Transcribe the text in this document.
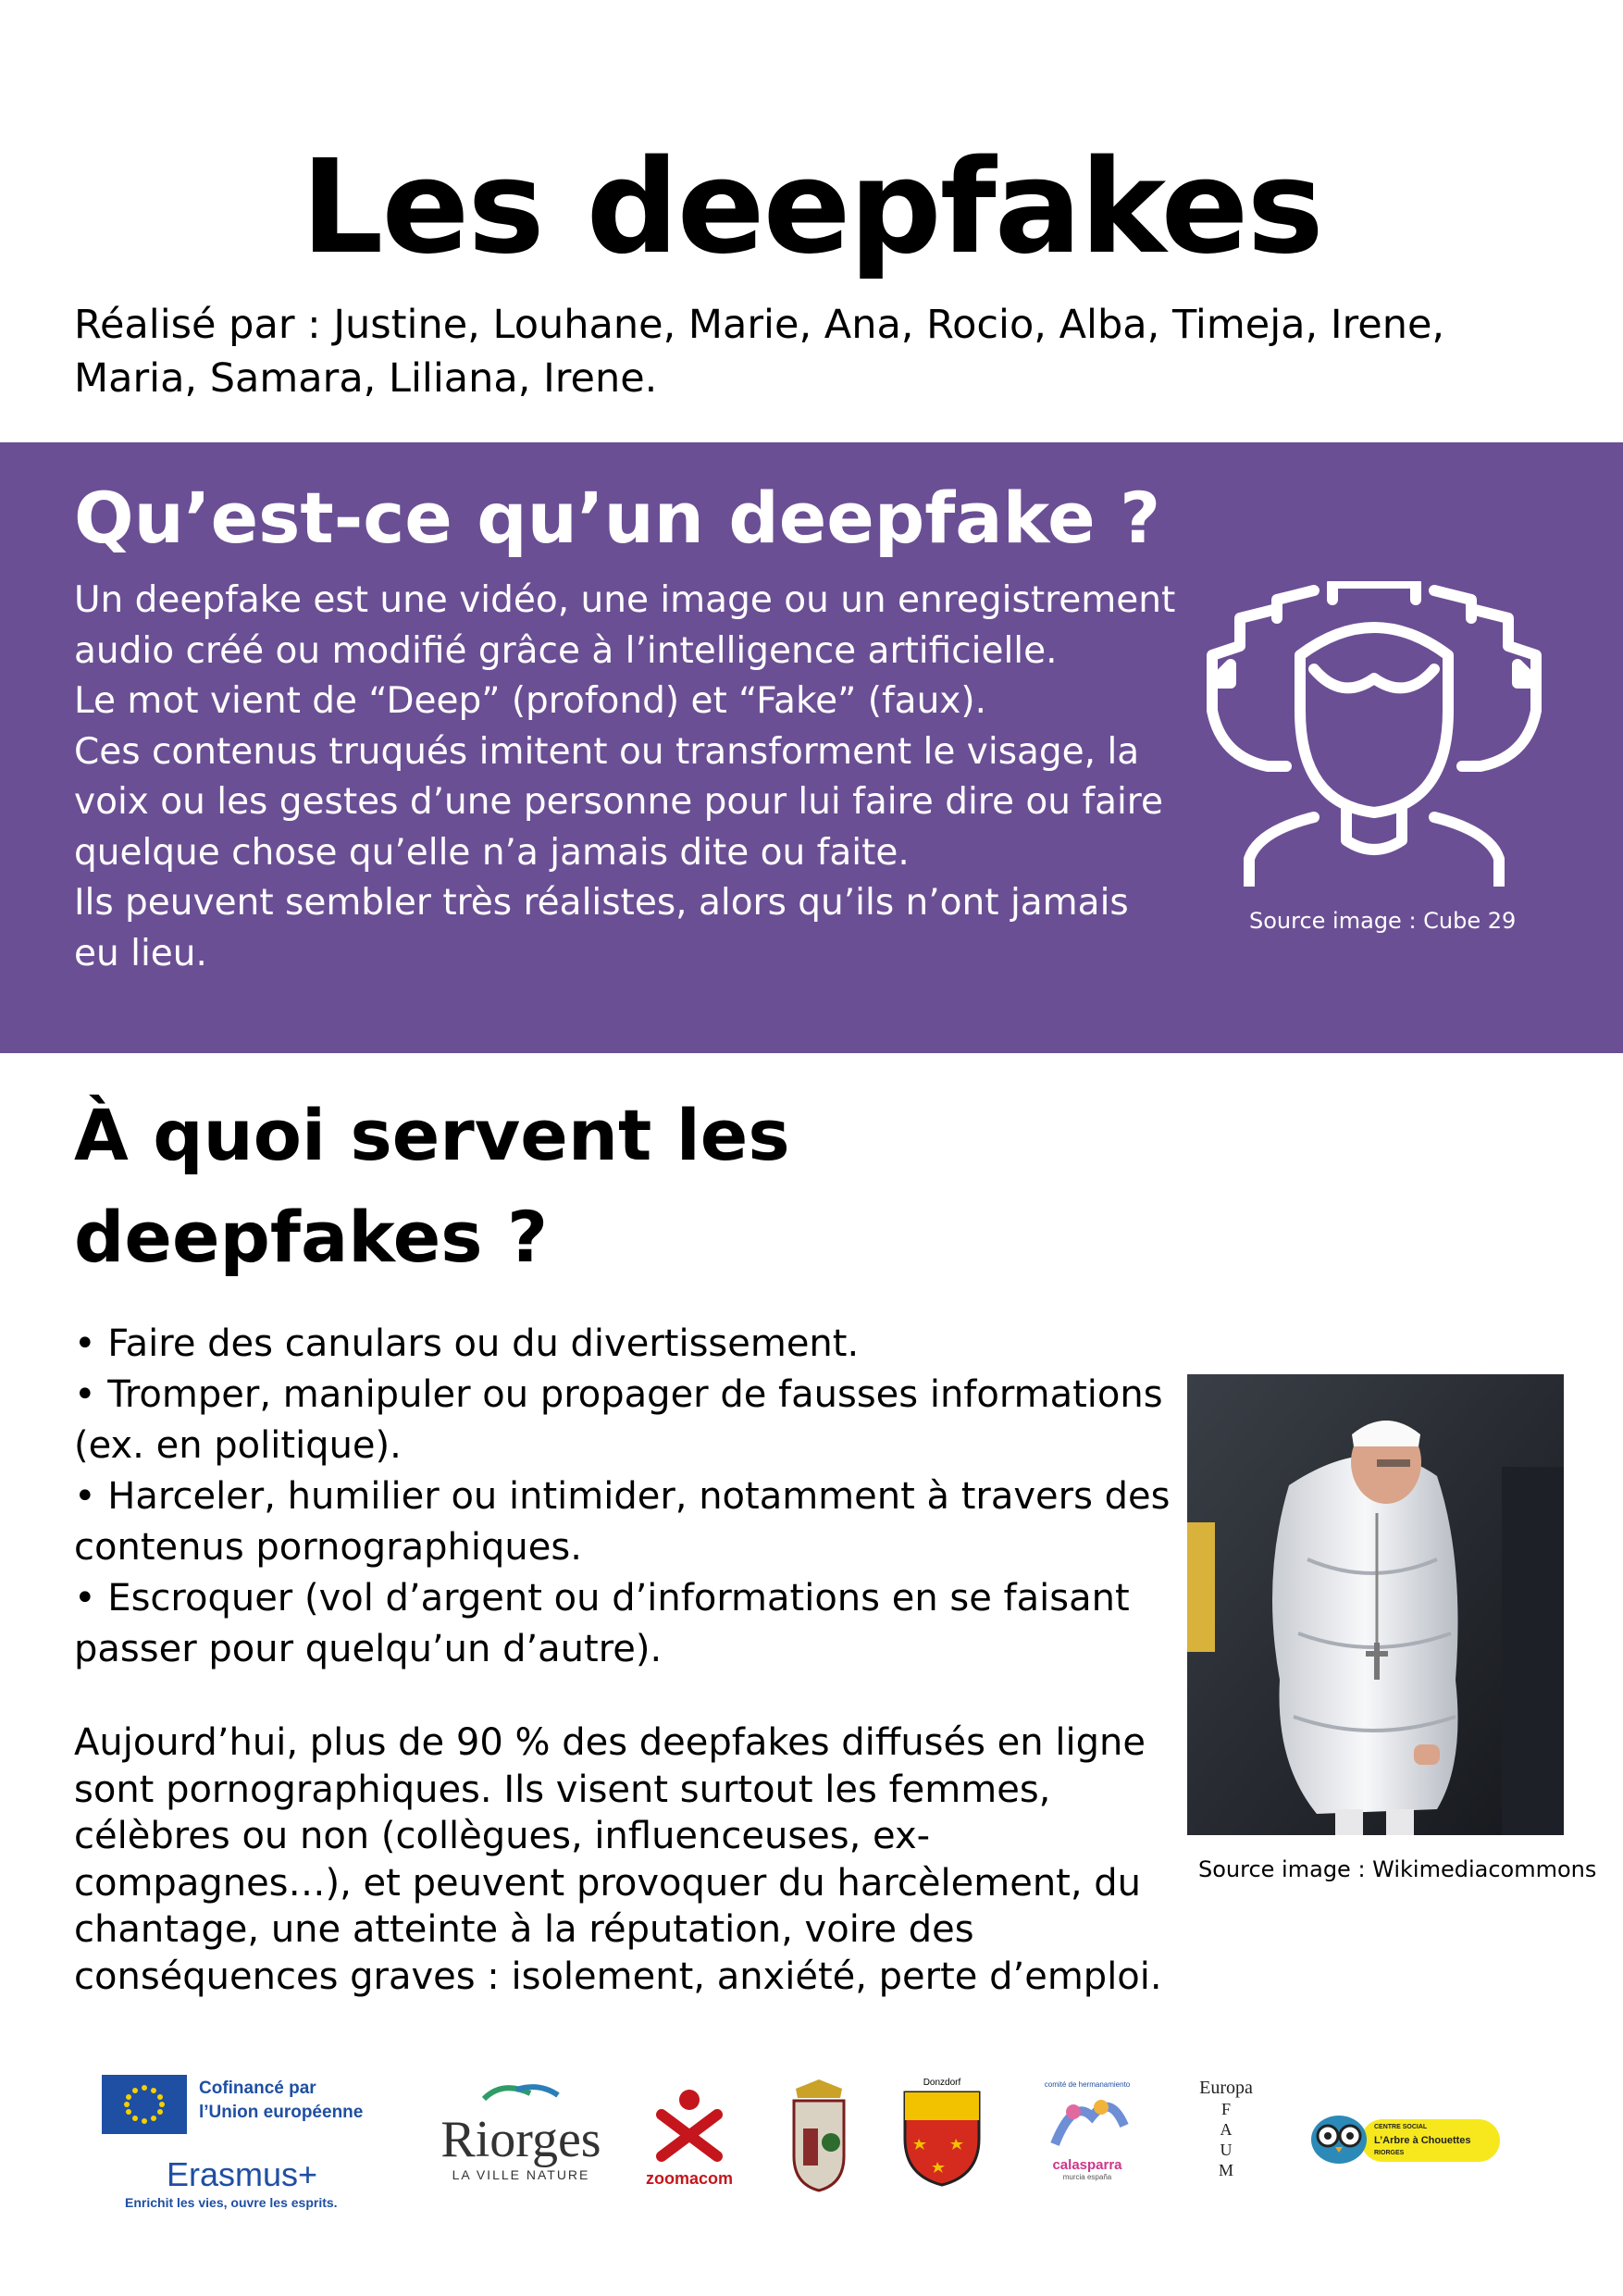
Les deepfakes
Réalisé par : Justine, Louhane, Marie, Ana, Rocio, Alba, Timeja, Irene, Maria, Samara, Liliana, Irene.
Qu’est-ce qu’un deepfake ?

Un deepfake est une vidéo, une image ou un enregistrement audio créé ou modifié grâce à l’intelligence artificielle.

Le mot vient de “Deep” (profond) et “Fake” (faux).

Ces contenus truqués imitent ou transforment le visage, la voix ou les gestes d’une personne pour lui faire dire ou faire quelque chose qu’elle n’a jamais dite ou faite.

Ils peuvent sembler très réalistes, alors qu’ils n’ont jamais eu lieu.

Source image : Cube 29
À quoi servent les deepfakes ?
• Faire des canulars ou du divertissement.
• Tromper, manipuler ou propager de fausses informations (ex. en politique).
• Harceler, humilier ou intimider, notamment à travers des contenus pornographiques.
• Escroquer (vol d’argent ou d’informations en se faisant passer pour quelqu’un d’autre).

Aujourd’hui, plus de 90 % des deepfakes diffusés en ligne sont pornographiques. Ils visent surtout les femmes, célèbres ou non (collègues, influenceuses, ex-compagnes…), et peuvent provoquer du harcèlement, du chantage, une atteinte à la réputation, voire des conséquences graves : isolement, anxiété, perte d’emploi.

Source image : Wikimediacommons
Cofinancé par
l’Union européenne
Erasmus+
Enrichit les vies, ouvre les esprits.
Riorges
LA VILLE NATURE	zoomacom
Donzdorf	comité de hermanamiento
calasparra
murcia españa
Europa
F
A
U
M
CENTRE SOCIAL
L’Arbre à Chouettes
RIORGES
